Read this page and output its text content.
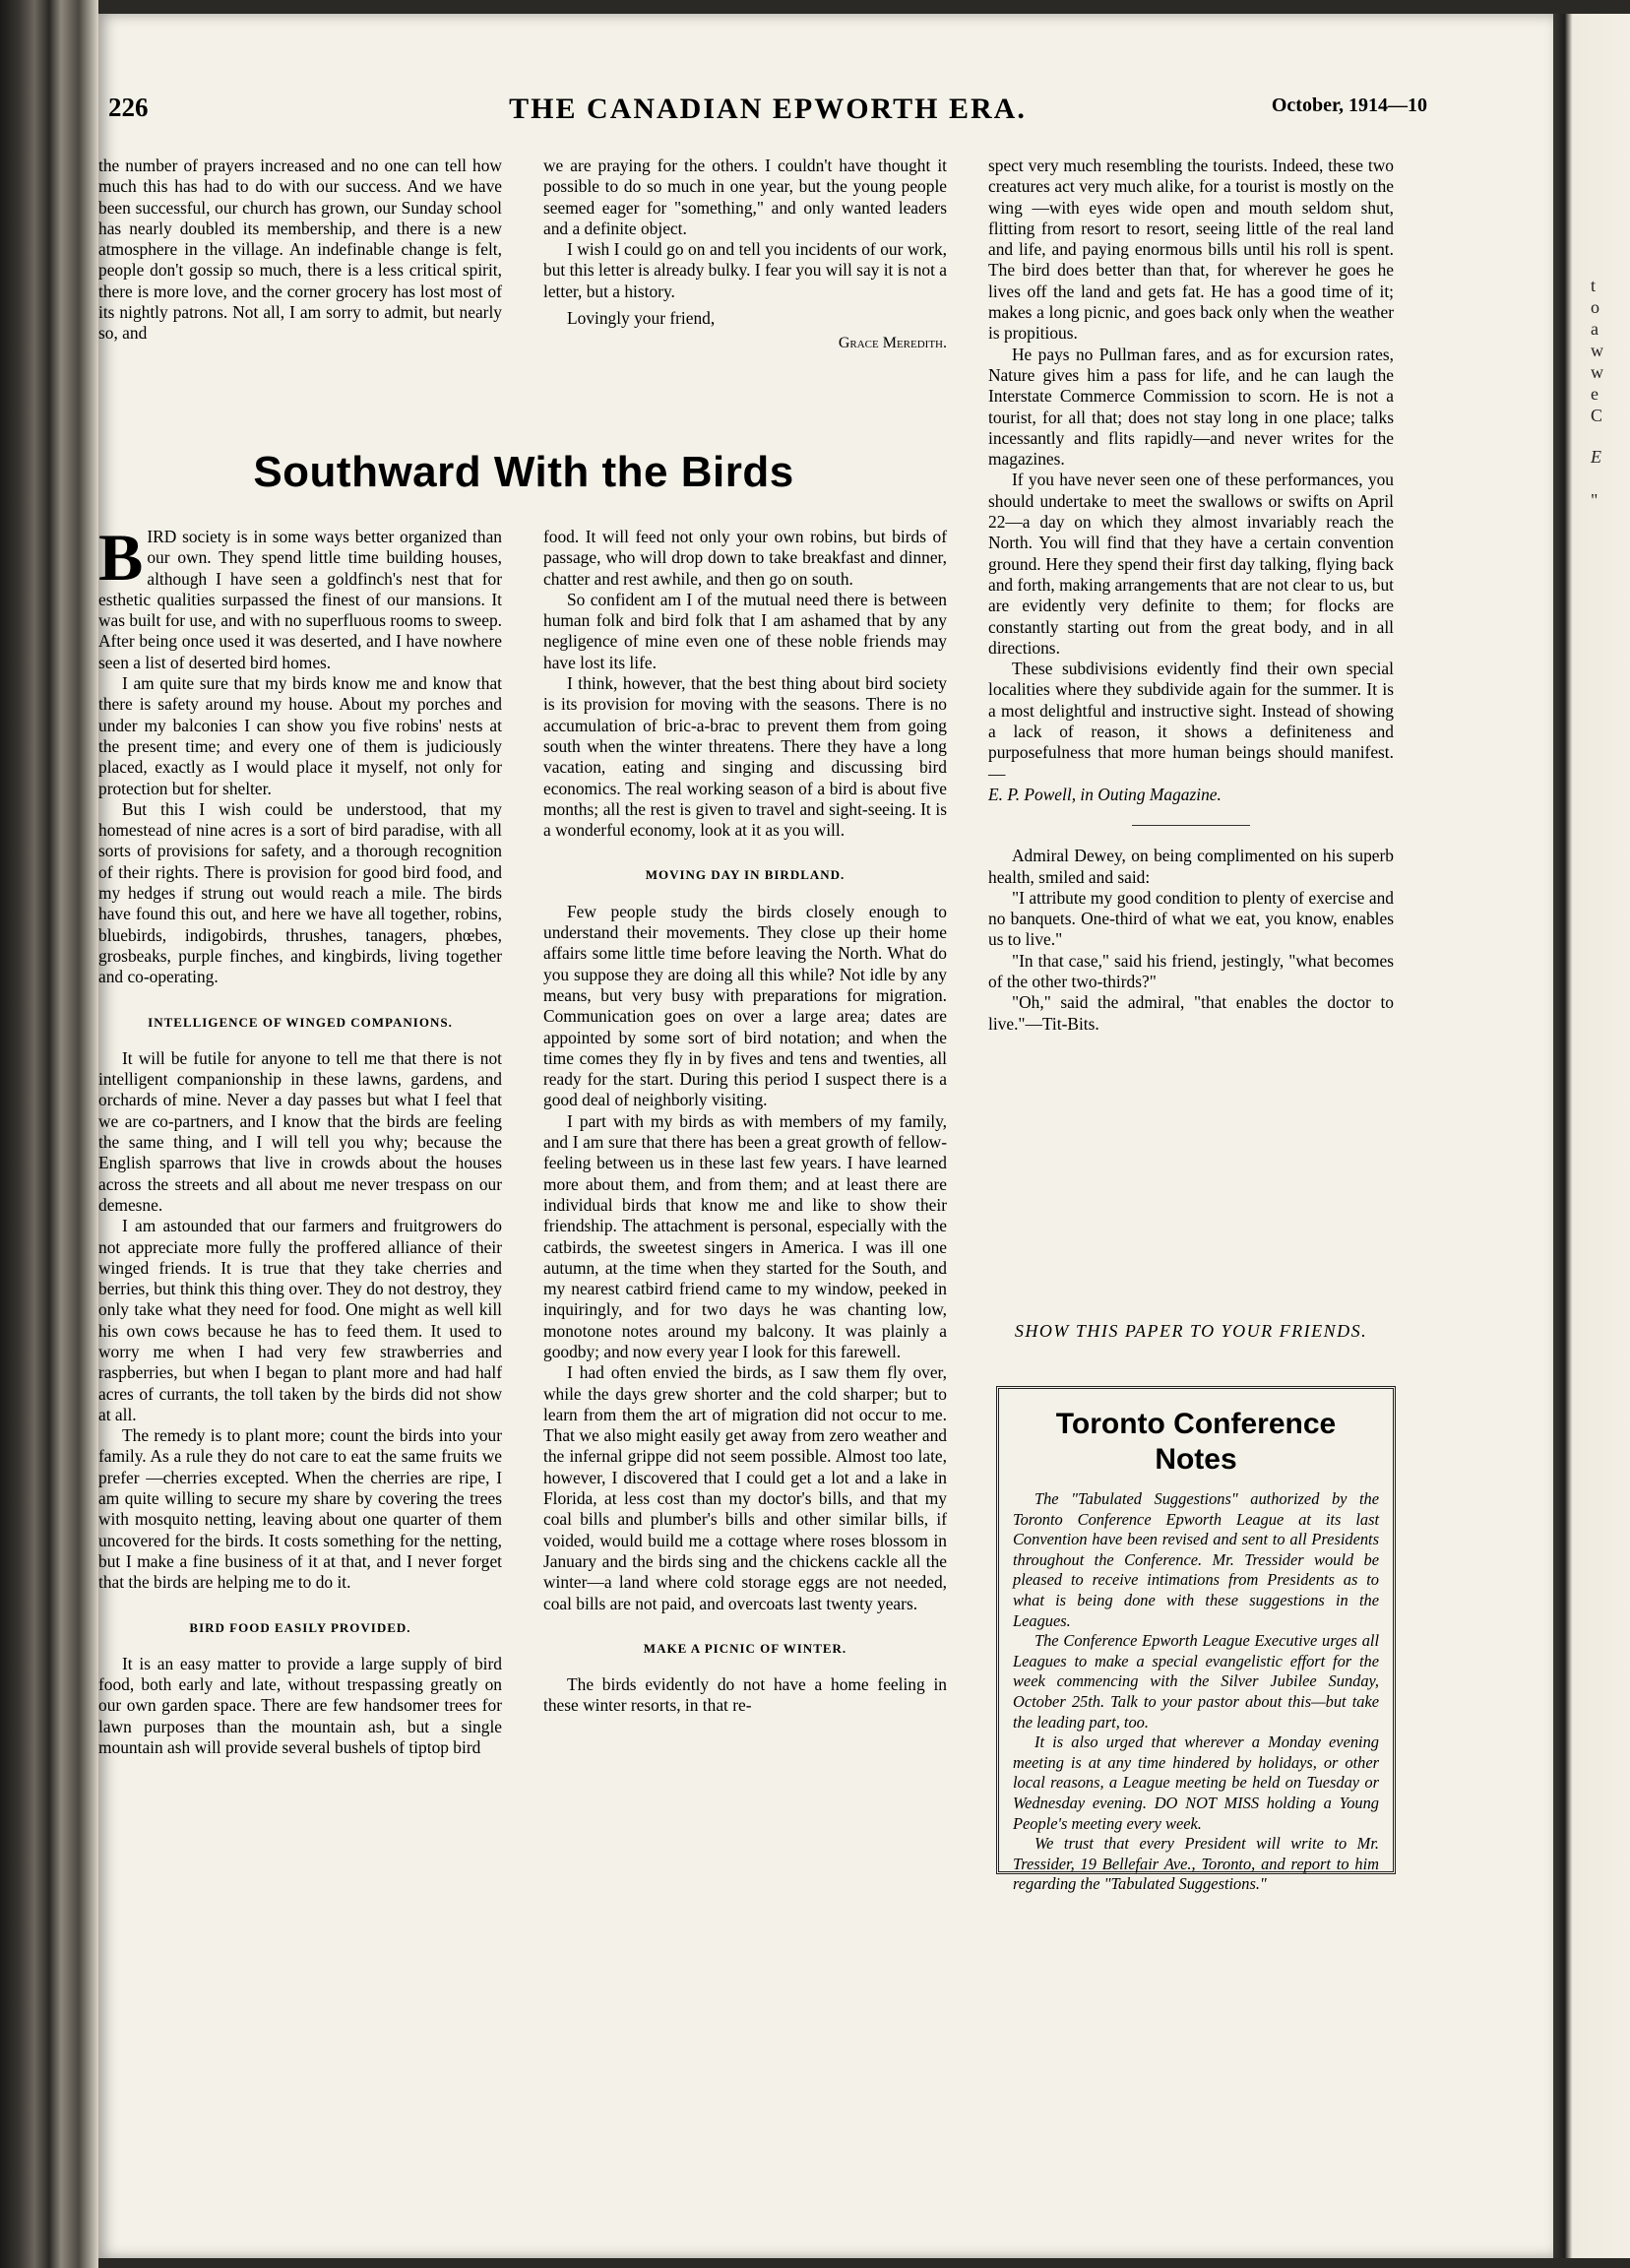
t
o
a
w
w
e
C
E
"
226	THE CANADIAN EPWORTH ERA.	October, 1914—10

the number of prayers increased and no one can tell how much this has had to do with our success. And we have been successful, our church has grown, our Sunday school has nearly doubled its membership, and there is a new atmosphere in the village. An indefinable change is felt, people don't gossip so much, there is a less critical spirit, there is more love, and the corner grocery has lost most of its nightly patrons. Not all, I am sorry to admit, but nearly so, and

we are praying for the others. I couldn't have thought it possible to do so much in one year, but the young people seemed eager for "something," and only wanted leaders and a definite object.

I wish I could go on and tell you incidents of our work, but this letter is already bulky. I fear you will say it is not a letter, but a history.

Lovingly your friend,

Grace Meredith.

Southward With the Birds

BIRD society is in some ways better organized than our own. They spend little time building houses, although I have seen a goldfinch's nest that for esthetic qualities surpassed the finest of our mansions. It was built for use, and with no superfluous rooms to sweep. After being once used it was deserted, and I have nowhere seen a list of deserted bird homes.

I am quite sure that my birds know me and know that there is safety around my house. About my porches and under my balconies I can show you five robins' nests at the present time; and every one of them is judiciously placed, exactly as I would place it myself, not only for protection but for shelter.

But this I wish could be understood, that my homestead of nine acres is a sort of bird paradise, with all sorts of provisions for safety, and a thorough recognition of their rights. There is provision for good bird food, and my hedges if strung out would reach a mile. The birds have found this out, and here we have all together, robins, bluebirds, indigobirds, thrushes, tanagers, phœbes, grosbeaks, purple finches, and kingbirds, living together and co-operating.

INTELLIGENCE OF WINGED COMPANIONS.

It will be futile for anyone to tell me that there is not intelligent companionship in these lawns, gardens, and orchards of mine. Never a day passes but what I feel that we are co-partners, and I know that the birds are feeling the same thing, and I will tell you why; because the English sparrows that live in crowds about the houses across the streets and all about me never trespass on our demesne.

I am astounded that our farmers and fruitgrowers do not appreciate more fully the proffered alliance of their winged friends. It is true that they take cherries and berries, but think this thing over. They do not destroy, they only take what they need for food. One might as well kill his own cows because he has to feed them. It used to worry me when I had very few strawberries and raspberries, but when I began to plant more and had half acres of currants, the toll taken by the birds did not show at all.

The remedy is to plant more; count the birds into your family. As a rule they do not care to eat the same fruits we prefer —cherries excepted. When the cherries are ripe, I am quite willing to secure my share by covering the trees with mosquito netting, leaving about one quarter of them uncovered for the birds. It costs something for the netting, but I make a fine business of it at that, and I never forget that the birds are helping me to do it.

BIRD FOOD EASILY PROVIDED.

It is an easy matter to provide a large supply of bird food, both early and late, without trespassing greatly on our own garden space. There are few handsomer trees for lawn purposes than the mountain ash, but a single mountain ash will provide several bushels of tiptop bird

food. It will feed not only your own robins, but birds of passage, who will drop down to take breakfast and dinner, chatter and rest awhile, and then go on south.

So confident am I of the mutual need there is between human folk and bird folk that I am ashamed that by any negligence of mine even one of these noble friends may have lost its life.

I think, however, that the best thing about bird society is its provision for moving with the seasons. There is no accumulation of bric-a-brac to prevent them from going south when the winter threatens. There they have a long vacation, eating and singing and discussing bird economics. The real working season of a bird is about five months; all the rest is given to travel and sight-seeing. It is a wonderful economy, look at it as you will.

MOVING DAY IN BIRDLAND.

Few people study the birds closely enough to understand their movements. They close up their home affairs some little time before leaving the North. What do you suppose they are doing all this while? Not idle by any means, but very busy with preparations for migration. Communication goes on over a large area; dates are appointed by some sort of bird notation; and when the time comes they fly in by fives and tens and twenties, all ready for the start. During this period I suspect there is a good deal of neighborly visiting.

I part with my birds as with members of my family, and I am sure that there has been a great growth of fellow-feeling between us in these last few years. I have learned more about them, and from them; and at least there are individual birds that know me and like to show their friendship. The attachment is personal, especially with the catbirds, the sweetest singers in America. I was ill one autumn, at the time when they started for the South, and my nearest catbird friend came to my window, peeked in inquiringly, and for two days he was chanting low, monotone notes around my balcony. It was plainly a goodby; and now every year I look for this farewell.

I had often envied the birds, as I saw them fly over, while the days grew shorter and the cold sharper; but to learn from them the art of migration did not occur to me. That we also might easily get away from zero weather and the infernal grippe did not seem possible. Almost too late, however, I discovered that I could get a lot and a lake in Florida, at less cost than my doctor's bills, and that my coal bills and plumber's bills and other similar bills, if voided, would build me a cottage where roses blossom in January and the birds sing and the chickens cackle all the winter—a land where cold storage eggs are not needed, coal bills are not paid, and overcoats last twenty years.

MAKE A PICNIC OF WINTER.

The birds evidently do not have a home feeling in these winter resorts, in that re-

spect very much resembling the tourists. Indeed, these two creatures act very much alike, for a tourist is mostly on the wing —with eyes wide open and mouth seldom shut, flitting from resort to resort, seeing little of the real land and life, and paying enormous bills until his roll is spent. The bird does better than that, for wherever he goes he lives off the land and gets fat. He has a good time of it; makes a long picnic, and goes back only when the weather is propitious.

He pays no Pullman fares, and as for excursion rates, Nature gives him a pass for life, and he can laugh the Interstate Commerce Commission to scorn. He is not a tourist, for all that; does not stay long in one place; talks incessantly and flits rapidly—and never writes for the magazines.

If you have never seen one of these performances, you should undertake to meet the swallows or swifts on April 22—a day on which they almost invariably reach the North. You will find that they have a certain convention ground. Here they spend their first day talking, flying back and forth, making arrangements that are not clear to us, but are evidently very definite to them; for flocks are constantly starting out from the great body, and in all directions.

These subdivisions evidently find their own special localities where they subdivide again for the summer. It is a most delightful and instructive sight. Instead of showing a lack of reason, it shows a definiteness and purposefulness that more human beings should manifest.—

E. P. Powell, in Outing Magazine.

Admiral Dewey, on being complimented on his superb health, smiled and said:

"I attribute my good condition to plenty of exercise and no banquets. One-third of what we eat, you know, enables us to live."

"In that case," said his friend, jestingly, "what becomes of the other two-thirds?"

"Oh," said the admiral, "that enables the doctor to live."—Tit-Bits.

SHOW THIS PAPER TO YOUR FRIENDS.
Toronto Conference Notes

The "Tabulated Suggestions" authorized by the Toronto Conference Epworth League at its last Convention have been revised and sent to all Presidents throughout the Conference. Mr. Tressider would be pleased to receive intimations from Presidents as to what is being done with these suggestions in the Leagues.

The Conference Epworth League Executive urges all Leagues to make a special evangelistic effort for the week commencing with the Silver Jubilee Sunday, October 25th. Talk to your pastor about this—but take the leading part, too.

It is also urged that wherever a Monday evening meeting is at any time hindered by holidays, or other local reasons, a League meeting be held on Tuesday or Wednesday evening. DO NOT MISS holding a Young People's meeting every week.

We trust that every President will write to Mr. Tressider, 19 Bellefair Ave., Toronto, and report to him regarding the "Tabulated Suggestions."
